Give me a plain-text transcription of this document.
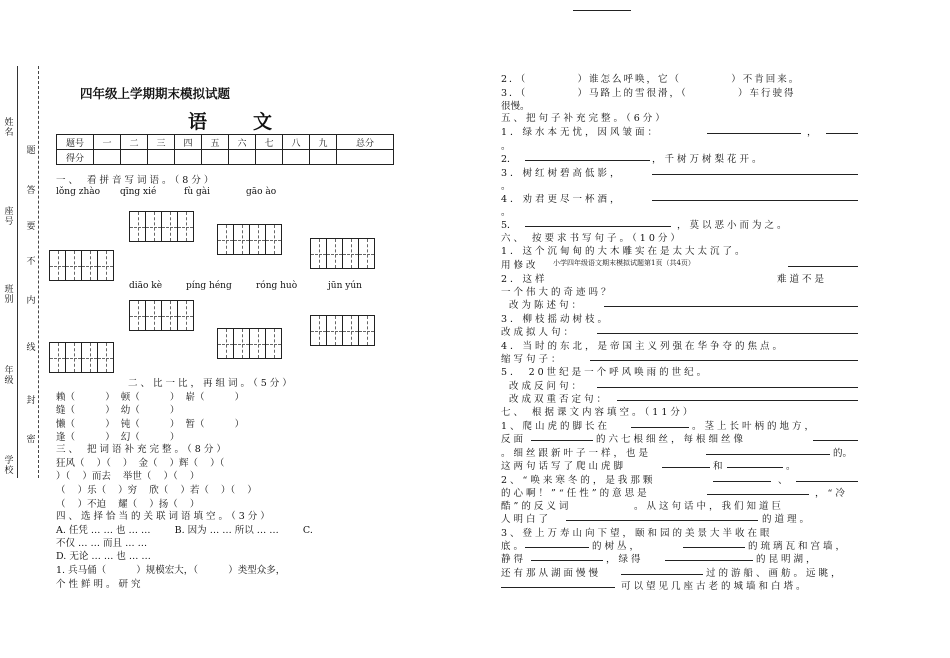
姓名
题
答
座号 要
不
班别 内
线
年级
封
密
学校
四年级上学期期末模拟试题
语文
题号	一	二	三	四	五	六	七	八	九	总分
得分										
一、 看拼音写词语。（8分）
lǒng zhào qīng xié	fù gài	gāo ào
diāo kè	píng héng	róng huò	jūn yún
二、比一比，再组词。（5分）
赖（          ）  顿（          ）  崭（          ）
缝（          ）  幼（          ）
懒（          ）  钝（          ）  暂（          ）
逢（          ）  幻（          ）
三、 把词语补充完整。（8分）
狂风（    ）（    ）  金（    ）辉（    ）（
）（    ）而去    举世（    ）（    ）
（    ）乐（    ）穷    欣（    ）若（    ）（    ）
（    ）不迫    耀（    ）扬（    ）
四、选择恰当的关联词语填空。（3分）
A. 任凭 … … 也 … …        B. 因为 … … 所以 … …        C.
不仅 … … 而且 … …
D. 无论 … … 也 … …
1. 兵马俑（          ）规模宏大，（          ）类型众多，
个性鲜明。研究
2．（          ）谁怎么呼唤，它（          ）不肯回来。
3．（          ）马路上的雪很滑，（          ）车行驶得
很慢。
五、把句子补充完整。（6分）
1．绿水本无忧，因风皱面：	，
。
2．	，千树万树梨花开。
3．树红树碧高低影，
。
4．劝君更尽一杯酒，
。
5．	，莫以恶小而为之。
六、 按要求书写句子。（10分）
1．这个沉甸甸的大木雕实在是太大太沉了。
用修改 小学四年级语文期末模拟试题第1页（共4页）
2．这样	难道不是
一个伟大的奇迹吗？
改为陈述句：
3．柳枝摇动树枝。
改成拟人句：
4．当时的东北，是帝国主义列强在华争夺的焦点。
缩写句子：
5． 20世纪是一个呼风唤雨的世纪。
改成反问句：
改成双重否定句：
七、 根据课文内容填空。（11分）
1、爬山虎的脚长在	。茎上长叶柄的地方，
反面	的六七根细丝，每根细丝像
。细丝跟新叶子一样，也是	的。
这两句话写了爬山虎脚	和	。
2、“唤来寒冬的，是我那颗	、
的心啊！”“任性”的意思是	，“冷
酷”的反义词	。从这句话中，我们知道巨
人明白了	的道理。
3、登上万寿山向下望，颐和园的美景大半收在眼
底。	的树丛，	的琉璃瓦和宫墙，
静得	，绿得	的昆明湖，
还有那从湖面慢慢	过的游船、画舫。远眺，
可以望见几座古老的城墙和白塔。
